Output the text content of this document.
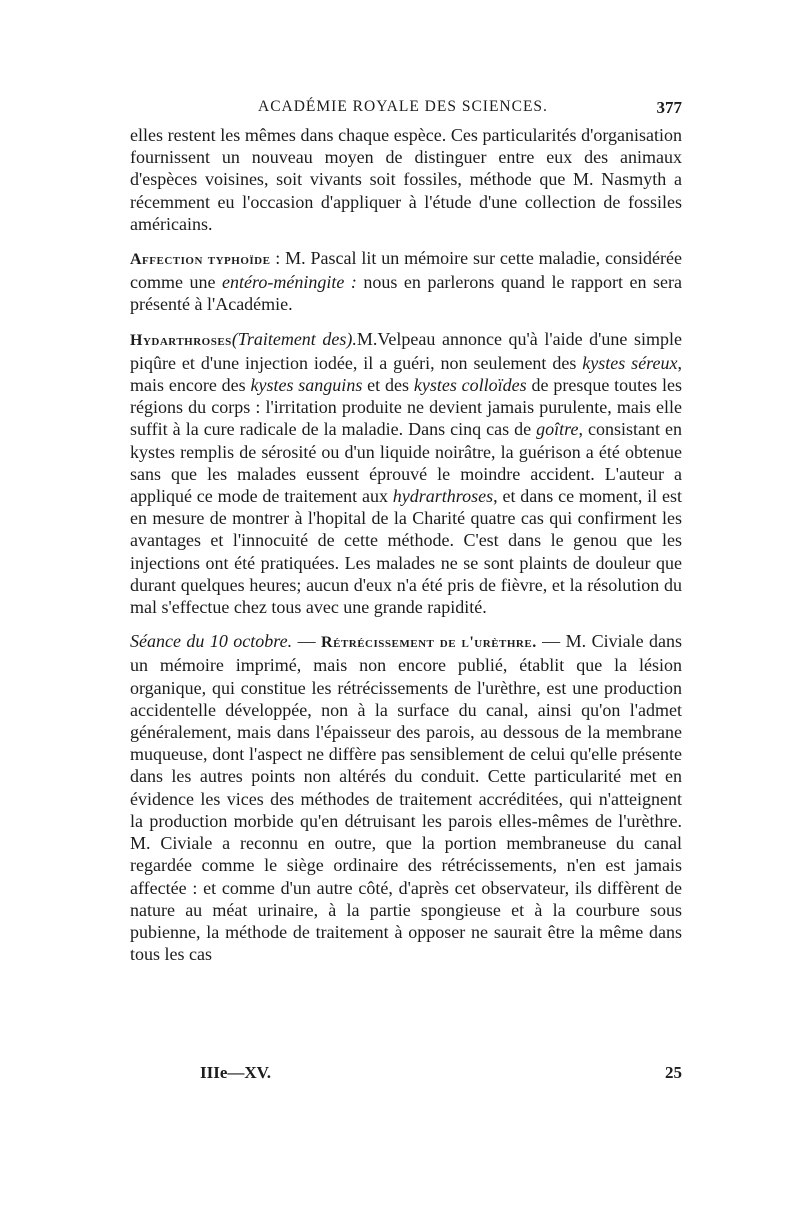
ACADÉMIE ROYALE DES SCIENCES.	377

elles restent les mêmes dans chaque espèce. Ces particularités d'organisation fournissent un nouveau moyen de distinguer entre eux des animaux d'espèces voisines, soit vivants soit fossiles, méthode que M. Nasmyth a récemment eu l'occasion d'appliquer à l'étude d'une collection de fossiles américains.

Affection typhoïde : M. Pascal lit un mémoire sur cette maladie, considérée comme une entéro-méningite : nous en parlerons quand le rapport en sera présenté à l'Académie.

Hydarthroses(Traitement des).M.Velpeau annonce qu'à l'aide d'une simple piqûre et d'une injection iodée, il a guéri, non seulement des kystes séreux, mais encore des kystes sanguins et des kystes colloïdes de presque toutes les régions du corps : l'irritation produite ne devient jamais purulente, mais elle suffit à la cure radicale de la maladie. Dans cinq cas de goître, consistant en kystes remplis de sérosité ou d'un liquide noirâtre, la guérison a été obtenue sans que les malades eussent éprouvé le moindre accident. L'auteur a appliqué ce mode de traitement aux hydrarthroses, et dans ce moment, il est en mesure de montrer à l'hopital de la Charité quatre cas qui confirment les avantages et l'innocuité de cette méthode. C'est dans le genou que les injections ont été pratiquées. Les malades ne se sont plaints de douleur que durant quelques heures; aucun d'eux n'a été pris de fièvre, et la résolution du mal s'effectue chez tous avec une grande rapidité.

Séance du 10 octobre. — Rétrécissement de l'urèthre. — M. Civiale dans un mémoire imprimé, mais non encore publié, établit que la lésion organique, qui constitue les rétrécissements de l'urèthre, est une production accidentelle développée, non à la surface du canal, ainsi qu'on l'admet généralement, mais dans l'épaisseur des parois, au dessous de la membrane muqueuse, dont l'aspect ne diffère pas sensiblement de celui qu'elle présente dans les autres points non altérés du conduit. Cette particularité met en évidence les vices des méthodes de traitement accréditées, qui n'atteignent la production morbide qu'en détruisant les parois elles-mêmes de l'urèthre. M. Civiale a reconnu en outre, que la portion membraneuse du canal regardée comme le siège ordinaire des rétrécissements, n'en est jamais affectée : et comme d'un autre côté, d'après cet observateur, ils diffèrent de nature au méat urinaire, à la partie spongieuse et à la courbure sous pubienne, la méthode de traitement à opposer ne saurait être la même dans tous les cas

IIIe—XV.	25
